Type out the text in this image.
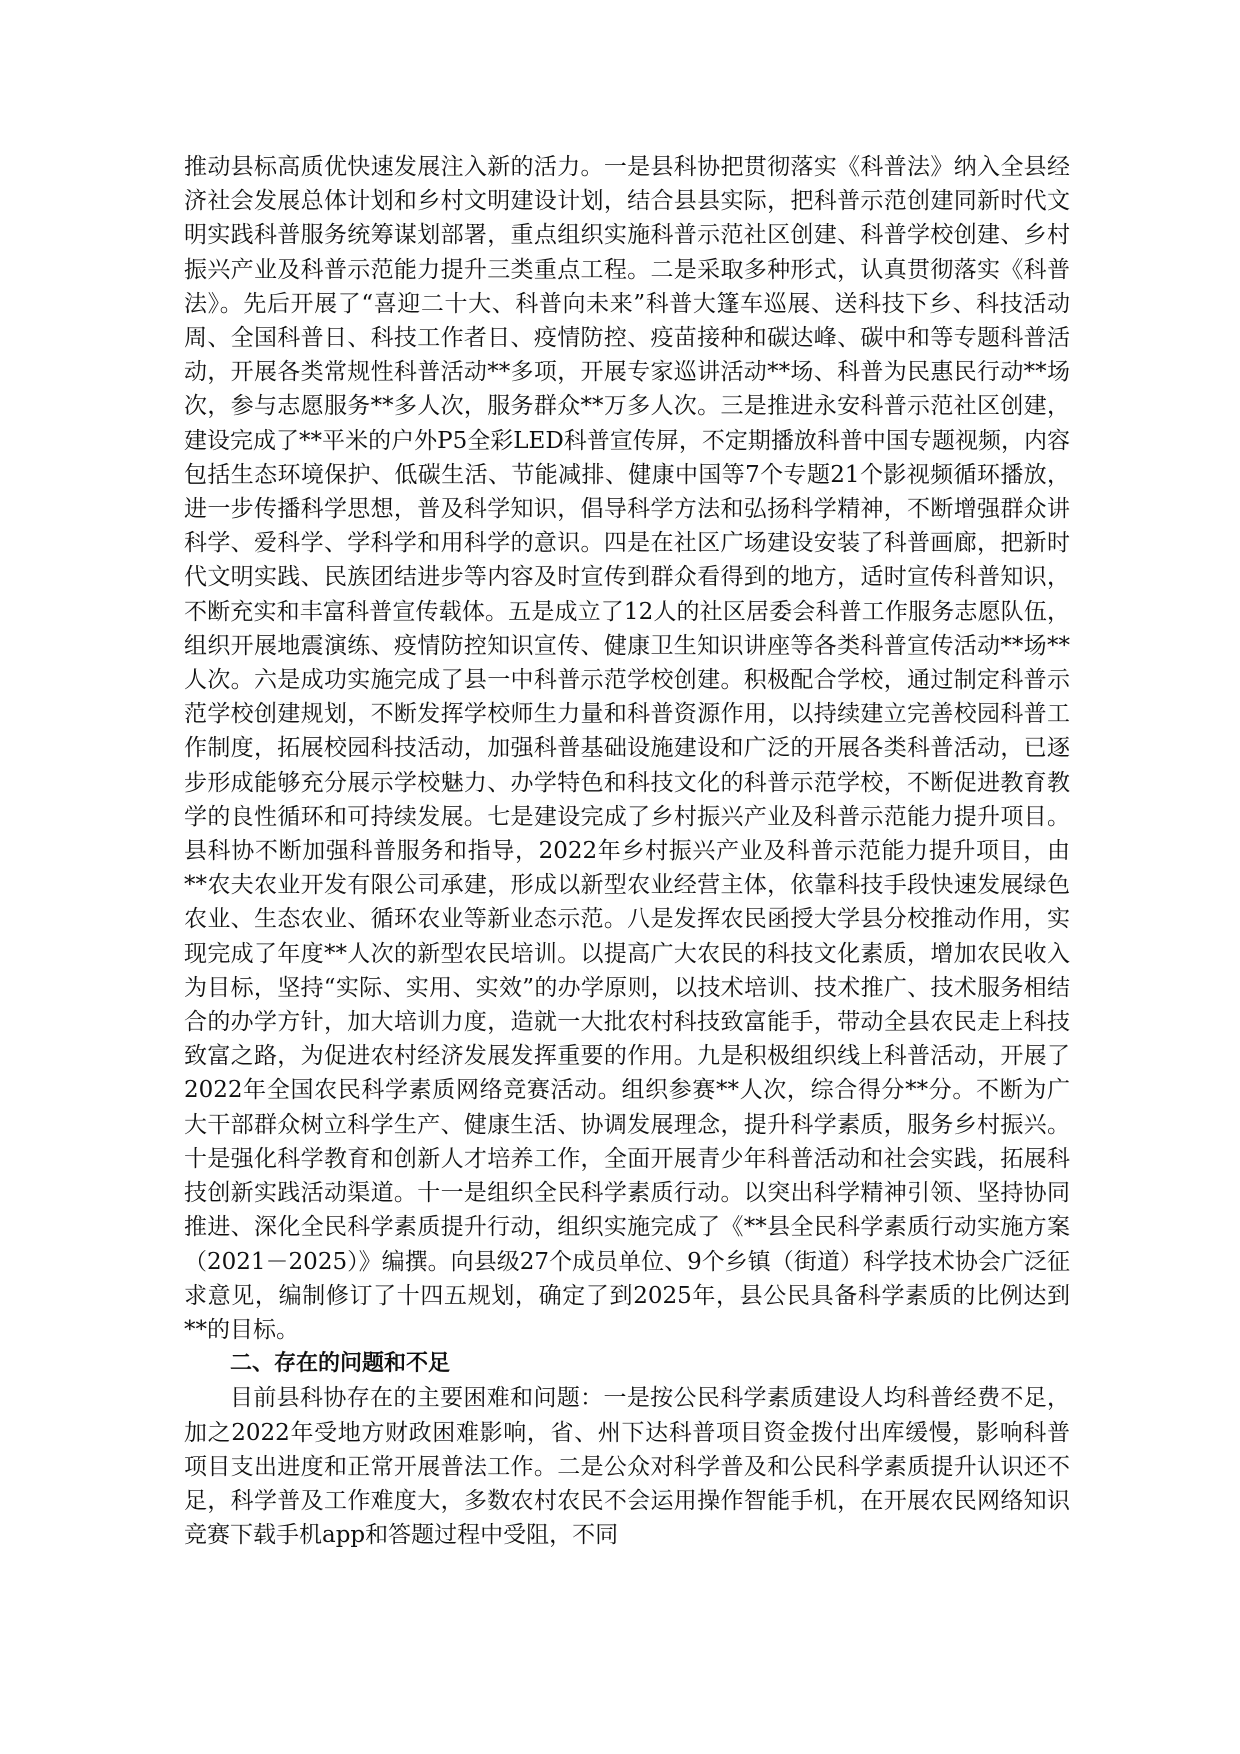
推动县标高质优快速发展注入新的活力。一是县科协把贯彻落实《科普法》纳入全县经济社会发展总体计划和乡村文明建设计划，结合县县实际，把科普示范创建同新时代文明实践科普服务统筹谋划部署，重点组织实施科普示范社区创建、科普学校创建、乡村振兴产业及科普示范能力提升三类重点工程。二是采取多种形式，认真贯彻落实《科普法》。先后开展了“喜迎二十大、科普向未来”科普大篷车巡展、送科技下乡、科技活动周、全国科普日、科技工作者日、疫情防控、疫苗接种和碳达峰、碳中和等专题科普活动，开展各类常规性科普活动**多项，开展专家巡讲活动**场、科普为民惠民行动**场次，参与志愿服务**多人次，服务群众**万多人次。三是推进永安科普示范社区创建，建设完成了**平米的户外P5全彩LED科普宣传屏，不定期播放科普中国专题视频，内容包括生态环境保护、低碳生活、节能减排、健康中国等7个专题21个影视频循环播放，进一步传播科学思想，普及科学知识，倡导科学方法和弘扬科学精神，不断增强群众讲科学、爱科学、学科学和用科学的意识。四是在社区广场建设安装了科普画廊，把新时代文明实践、民族团结进步等内容及时宣传到群众看得到的地方，适时宣传科普知识，不断充实和丰富科普宣传载体。五是成立了12人的社区居委会科普工作服务志愿队伍，组织开展地震演练、疫情防控知识宣传、健康卫生知识讲座等各类科普宣传活动**场**人次。六是成功实施完成了县一中科普示范学校创建。积极配合学校，通过制定科普示范学校创建规划，不断发挥学校师生力量和科普资源作用，以持续建立完善校园科普工作制度，拓展校园科技活动，加强科普基础设施建设和广泛的开展各类科普活动，已逐步形成能够充分展示学校魅力、办学特色和科技文化的科普示范学校，不断促进教育教学的良性循环和可持续发展。七是建设完成了乡村振兴产业及科普示范能力提升项目。县科协不断加强科普服务和指导，2022年乡村振兴产业及科普示范能力提升项目，由**农夫农业开发有限公司承建，形成以新型农业经营主体，依靠科技手段快速发展绿色农业、生态农业、循环农业等新业态示范。八是发挥农民函授大学县分校推动作用，实现完成了年度**人次的新型农民培训。以提高广大农民的科技文化素质，增加农民收入为目标，坚持“实际、实用、实效”的办学原则，以技术培训、技术推广、技术服务相结合的办学方针，加大培训力度，造就一大批农村科技致富能手，带动全县农民走上科技致富之路，为促进农村经济发展发挥重要的作用。九是积极组织线上科普活动，开展了2022年全国农民科学素质网络竞赛活动。组织参赛**人次，综合得分**分。不断为广大干部群众树立科学生产、健康生活、协调发展理念，提升科学素质，服务乡村振兴。十是强化科学教育和创新人才培养工作，全面开展青少年科普活动和社会实践，拓展科技创新实践活动渠道。十一是组织全民科学素质行动。以突出科学精神引领、坚持协同推进、深化全民科学素质提升行动，组织实施完成了《**县全民科学素质行动实施方案（2021－2025）》编撰。向县级27个成员单位、9个乡镇（街道）科学技术协会广泛征求意见，编制修订了十四五规划，确定了到2025年，县公民具备科学素质的比例达到**的目标。

二、存在的问题和不足

目前县科协存在的主要困难和问题：一是按公民科学素质建设人均科普经费不足，加之2022年受地方财政困难影响，省、州下达科普项目资金拨付出库缓慢，影响科普项目支出进度和正常开展普法工作。二是公众对科学普及和公民科学素质提升认识还不足，科学普及工作难度大，多数农村农民不会运用操作智能手机，在开展农民网络知识竞赛下载手机app和答题过程中受阻，不同
